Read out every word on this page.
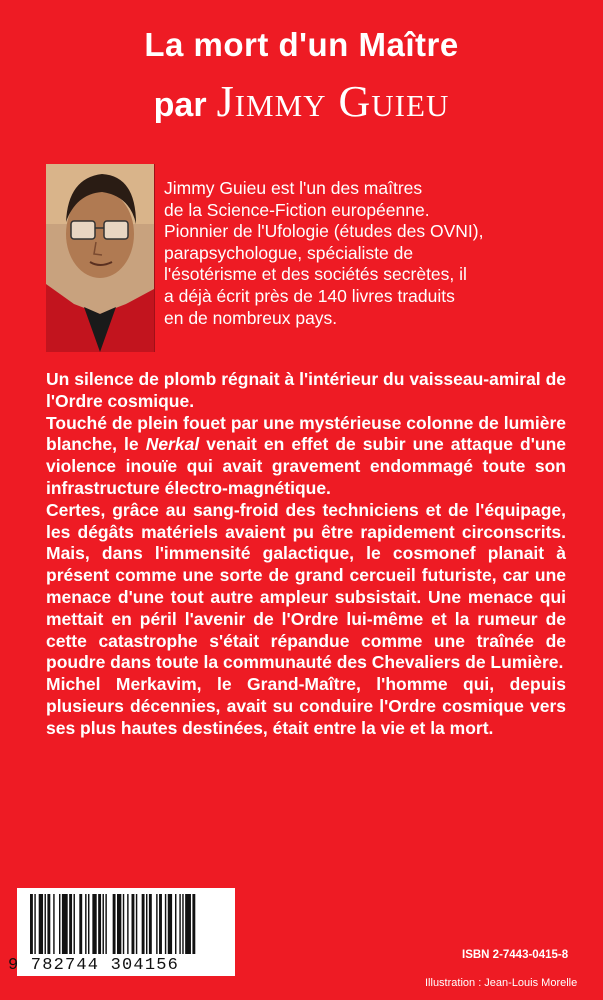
La mort d'un Maître
par Jimmy Guieu
Jimmy Guieu est l'un des maîtres
de la Science-Fiction européenne.
Pionnier de l'Ufologie (études des OVNI),
parapsychologue, spécialiste de
l'ésotérisme et des sociétés secrètes, il
a déjà écrit près de 140 livres traduits
en de nombreux pays.

Un silence de plomb régnait à l'intérieur du vaisseau-amiral de l'Ordre cosmique.

Touché de plein fouet par une mystérieuse colonne de lumière blanche, le Nerkal venait en effet de subir une attaque d'une violence inouïe qui avait gravement endommagé toute son infrastructure électro-magnétique.

Certes, grâce au sang-froid des techniciens et de l'équipage, les dégâts matériels avaient pu être rapidement circonscrits. Mais, dans l'immensité galactique, le cosmonef planait à présent comme une sorte de grand cercueil futuriste, car une menace d'une tout autre ampleur subsistait. Une menace qui mettait en péril l'avenir de l'Ordre lui-même et la rumeur de cette catastrophe s'était répandue comme une traînée de poudre dans toute la communauté des Chevaliers de Lumière.

Michel Merkavim, le Grand-Maître, l'homme qui, depuis plusieurs décennies, avait su conduire l'Ordre cosmique vers ses plus hautes destinées, était entre la vie et la mort.

9 782744 304156
ISBN 2-7443-0415-8
Illustration : Jean-Louis Morelle
